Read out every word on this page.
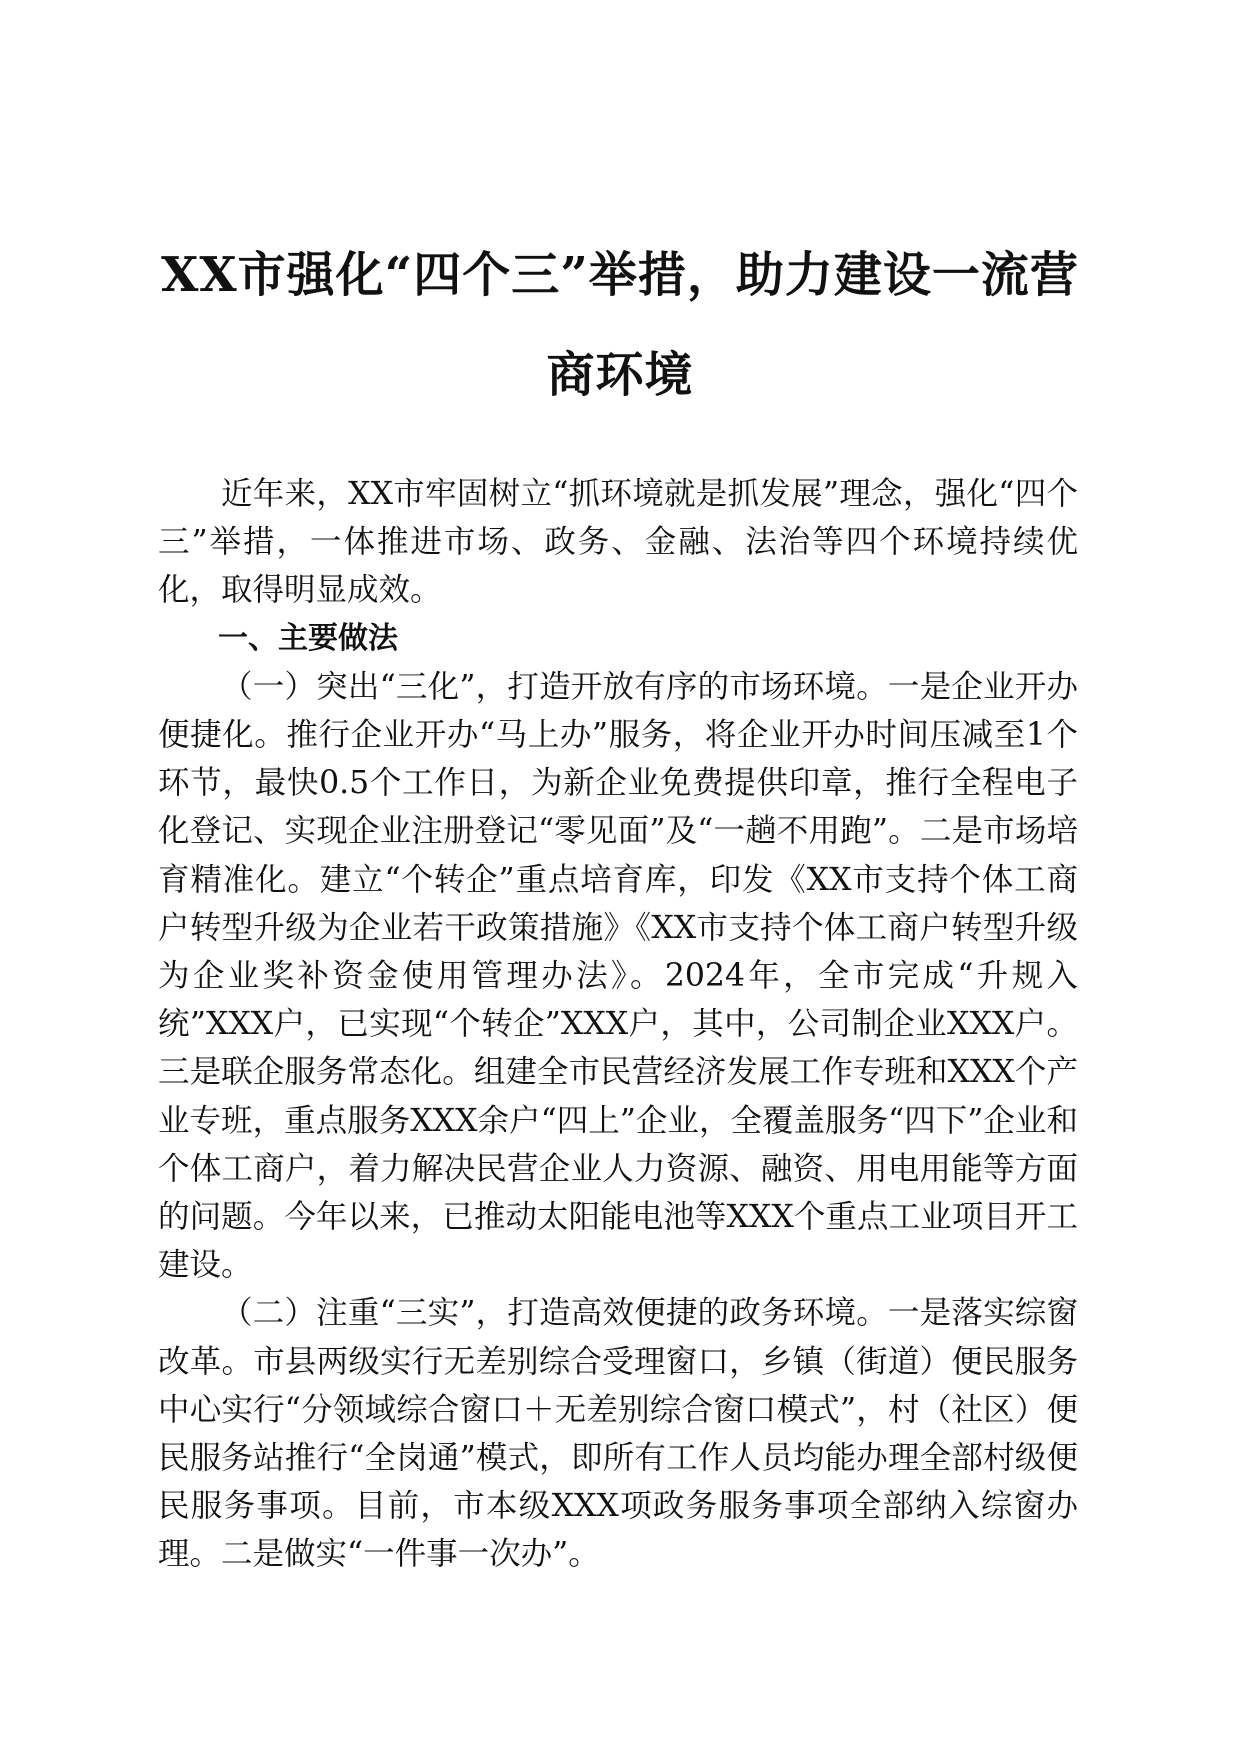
XX市强化“四个三”举措，助力建设一流营商环境

近年来，XX市牢固树立“抓环境就是抓发展”理念，强化“四个三”举措，一体推进市场、政务、金融、法治等四个环境持续优化，取得明显成效。

一、主要做法

（一）突出“三化”，打造开放有序的市场环境。一是企业开办便捷化。推行企业开办“马上办”服务，将企业开办时间压减至1个环节，最快0.5个工作日，为新企业免费提供印章，推行全程电子化登记、实现企业注册登记“零见面”及“一趟不用跑”。二是市场培育精准化。建立“个转企”重点培育库，印发《XX市支持个体工商户转型升级为企业若干政策措施》《XX市支持个体工商户转型升级为企业奖补资金使用管理办法》。2024年，全市完成“升规入统”XXX户，已实现“个转企”XXX户，其中，公司制企业XXX户。三是联企服务常态化。组建全市民营经济发展工作专班和XXX个产业专班，重点服务XXX余户“四上”企业，全覆盖服务“四下”企业和个体工商户，着力解决民营企业人力资源、融资、用电用能等方面的问题。今年以来，已推动太阳能电池等XXX个重点工业项目开工建设。

（二）注重“三实”，打造高效便捷的政务环境。一是落实综窗改革。市县两级实行无差别综合受理窗口，乡镇（街道）便民服务中心实行“分领域综合窗口＋无差别综合窗口模式”，村（社区）便民服务站推行“全岗通”模式，即所有工作人员均能办理全部村级便民服务事项。目前，市本级XXX项政务服务事项全部纳入综窗办理。二是做实“一件事一次办”。
